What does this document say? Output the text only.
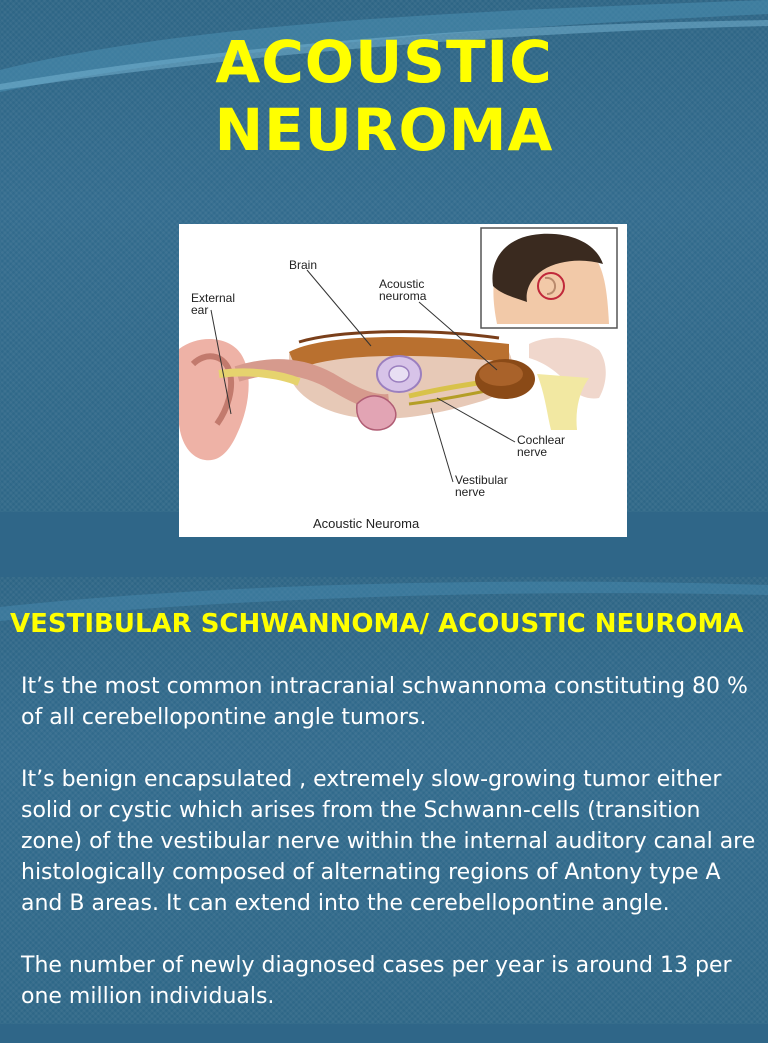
ACOUSTIC
NEUROMA
Brain
Acoustic
neuroma
External
ear
Cochlear
nerve
Vestibular
nerve
Acoustic Neuroma
VESTIBULAR SCHWANNOMA/ ACOUSTIC NEUROMA

It’s the most common intracranial schwannoma constituting 80 % of all cerebellopontine angle tumors.

It’s benign encapsulated , extremely slow-growing tumor either solid or cystic which arises from the Schwann-cells (transition zone) of the vestibular nerve within the internal auditory canal are histologically composed of alternating regions of Antony type A and B areas. It can extend into the cerebellopontine angle.

The number of newly diagnosed cases per year is around 13 per one million individuals.
